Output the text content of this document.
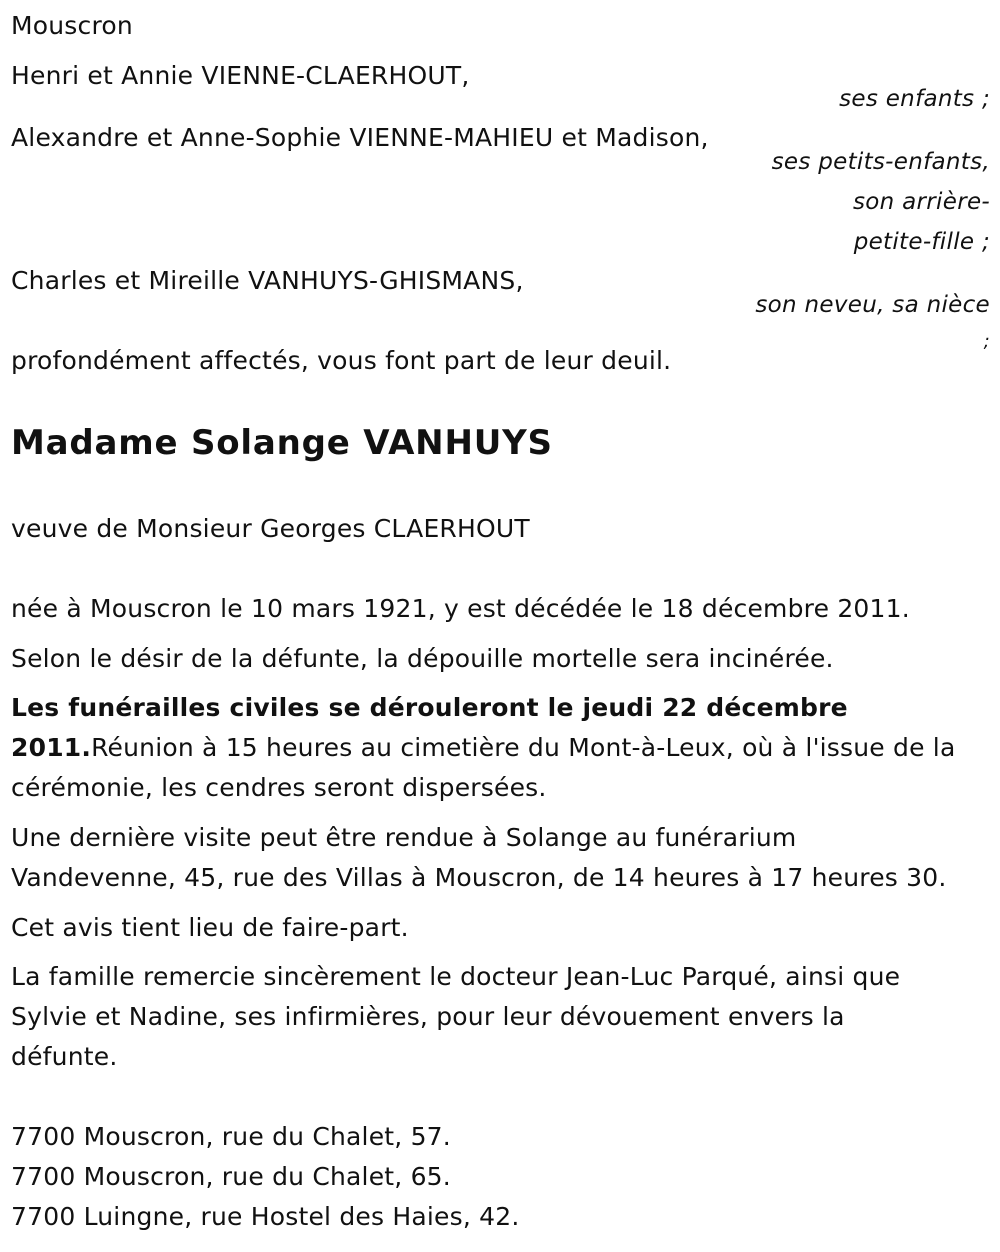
Mouscron
Henri et Annie VIENNE-CLAERHOUT,
ses enfants ;
Alexandre et Anne-Sophie VIENNE-MAHIEU et Madison,
ses petits-enfants,
son arrière-
petite-fille ;
Charles et Mireille VANHUYS-GHISMANS,
son neveu, sa nièce
;
profondément affectés, vous font part de leur deuil.
Madame Solange VANHUYS
veuve de Monsieur Georges CLAERHOUT
née à Mouscron le 10 mars 1921, y est décédée le 18 décembre 2011.
Selon le désir de la défunte, la dépouille mortelle sera incinérée.
Les funérailles civiles se dérouleront le jeudi 22 décembre
2011.Réunion à 15 heures au cimetière du Mont-à-Leux, où à l'issue de la
cérémonie, les cendres seront dispersées.
Une dernière visite peut être rendue à Solange au funérarium
Vandevenne, 45, rue des Villas à Mouscron, de 14 heures à 17 heures 30.
Cet avis tient lieu de faire-part.
La famille remercie sincèrement le docteur Jean-Luc Parqué, ainsi que
Sylvie et Nadine, ses infirmières, pour leur dévouement envers la
défunte.
7700 Mouscron, rue du Chalet, 57.
7700 Mouscron, rue du Chalet, 65.
7700 Luingne, rue Hostel des Haies, 42.
